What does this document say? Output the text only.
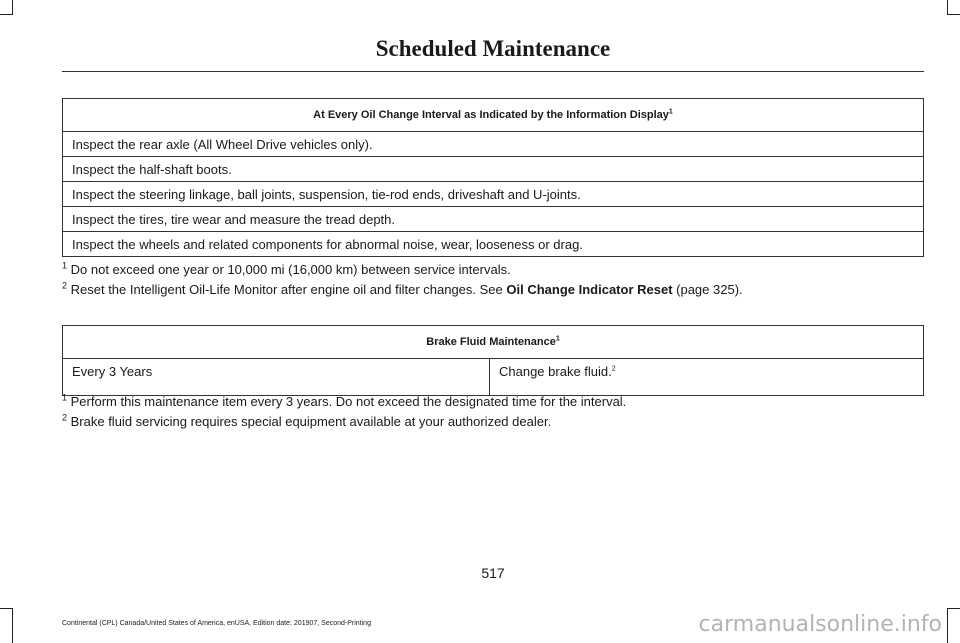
Scheduled Maintenance
At Every Oil Change Interval as Indicated by the Information Display$^1$
Inspect the rear axle (All Wheel Drive vehicles only).
Inspect the half-shaft boots.
Inspect the steering linkage, ball joints, suspension, tie-rod ends, driveshaft and U-joints.
Inspect the tires, tire wear and measure the tread depth.
Inspect the wheels and related components for abnormal noise, wear, looseness or drag.
$^1$ Do not exceed one year or 10,000 mi (16,000 km) between service intervals.
$^2$ Reset the Intelligent Oil-Life Monitor after engine oil and filter changes. See Oil Change Indicator Reset (page 325).
Brake Fluid Maintenance$^1$
Every 3 Years	Change brake fluid.$^2$
$^1$ Perform this maintenance item every 3 years. Do not exceed the designated time for the interval.
$^2$ Brake fluid servicing requires special equipment available at your authorized dealer.
517
Continental (CPL) Canada/United States of America, enUSA, Edition date: 201907, Second-Printing	carmanualsonline.info
